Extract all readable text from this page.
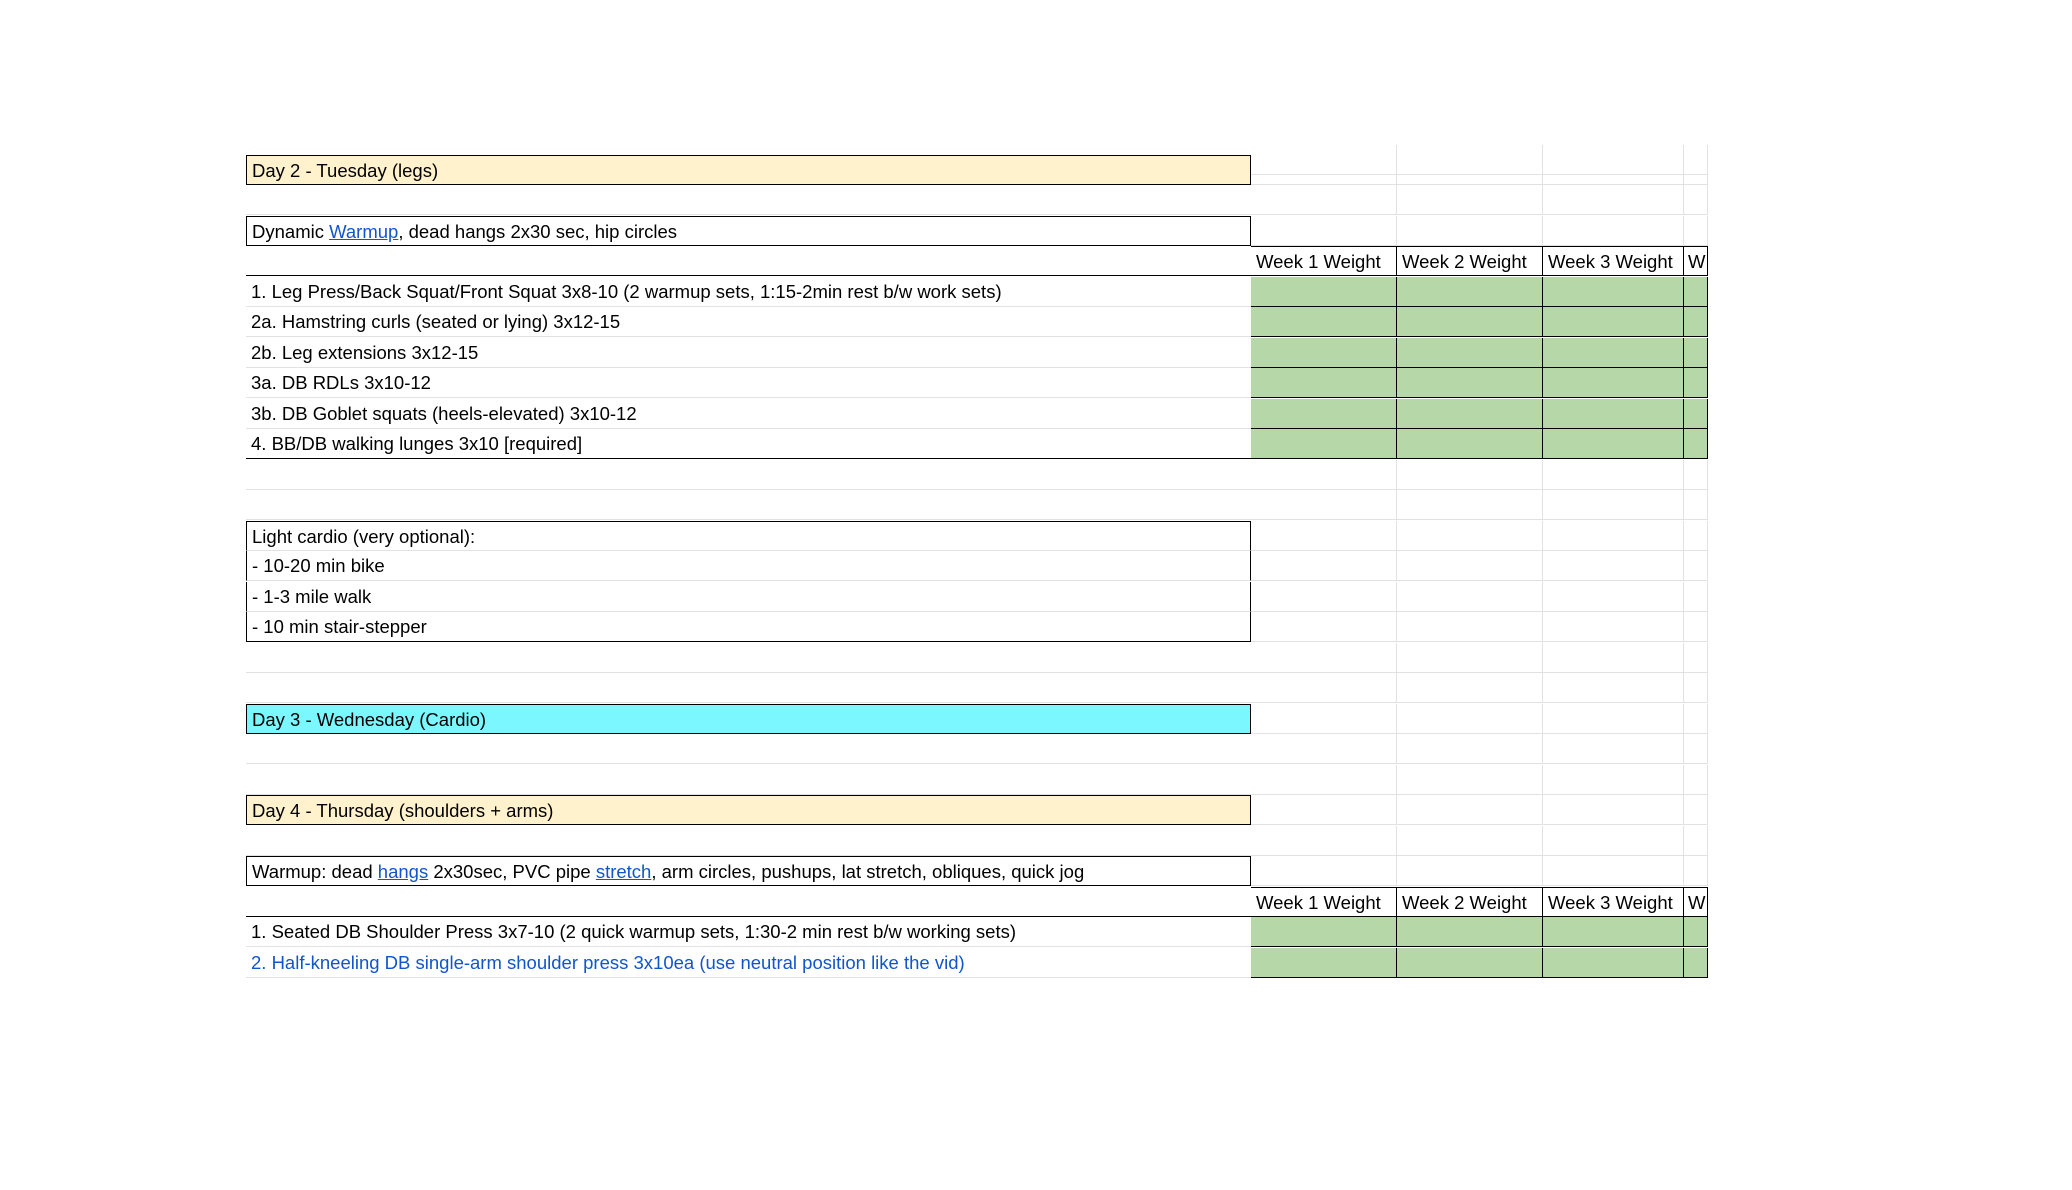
Day 2 - Tuesday (legs)
Dynamic Warmup, dead hangs 2x30 sec, hip circles
Week 1 Weight	Week 2 Weight	Week 3 Weight W
1. Leg Press/Back Squat/Front Squat 3x8-10 (2 warmup sets, 1:15-2min rest b/w work sets)
2a. Hamstring curls (seated or lying) 3x12-15
2b. Leg extensions 3x12-15
3a. DB RDLs 3x10-12
3b. DB Goblet squats (heels-elevated) 3x10-12
4. BB/DB walking lunges 3x10 [required]
Light cardio (very optional):
- 10-20 min bike
- 1-3 mile walk
- 10 min stair-stepper
Day 3 - Wednesday (Cardio)
Day 4 - Thursday (shoulders + arms)
Warmup: dead hangs 2x30sec, PVC pipe stretch, arm circles, pushups, lat stretch, obliques, quick jog
Week 1 Weight	Week 2 Weight	Week 3 Weight W
1. Seated DB Shoulder Press 3x7-10 (2 quick warmup sets, 1:30-2 min rest b/w working sets)
2. Half-kneeling DB single-arm shoulder press 3x10ea (use neutral position like the vid)
